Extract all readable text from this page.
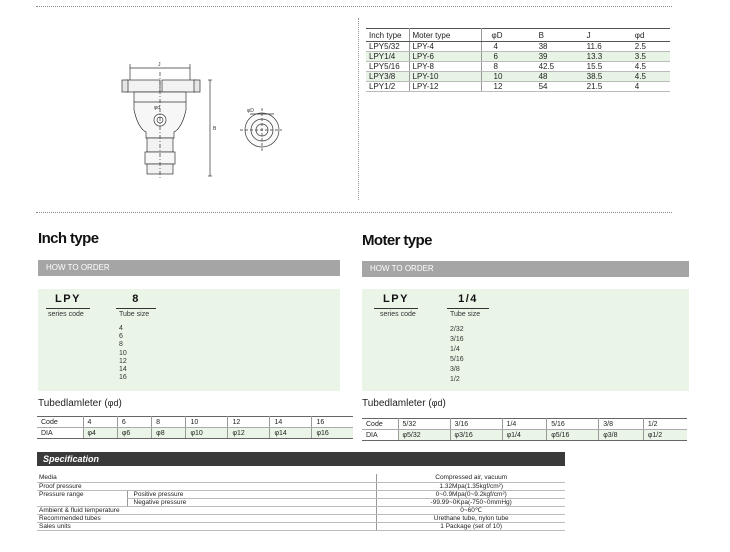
J
φd
B
φD
Inch type	Moter type	φD	B	J	φd
LPY5/32	LPY-4	4	38	11.6	2.5
LPY1/4	LPY-6	6	39	13.3	3.5
LPY5/16	LPY-8	8	42.5	15.5	4.5
LPY3/8	LPY-10	10	48	38.5	4.5
LPY1/2	LPY-12	12	54	21.5	4
Inch type
HOW TO ORDER
LPY
series code
8
Tube size
4
6
8
10
12
14
16
Tubedlamleter (φd)
Code	4	6	8	10	12	14	16
DIA	φ4	φ6	φ8	φ10	φ12	φ14	φ16
Moter type
HOW TO ORDER
LPY
series code
1/4
Tube size
2/32
3/16
1/4
5/16
3/8
1/2
Tubedlamleter (φd)
Code	5/32	3/16	1/4	5/16	3/8	1/2
DIA	φ5/32	φ3/16	φ1/4	φ5/16	φ3/8	φ1/2
Specification
Media		Compressed air, vacuum
Proof pressure		1.32Mpa(1.35kgf/cm²)
Pressure range	Positive pressure	0~0.9Mpa(0~9.2kgf/cm²)
	Negative pressure	-99.99~0Kpa(-750~0mmHg)
Ambient & fluid temperature		0~60℃
Recommended tubes		Urethane tube, nylon tube
Sales units		1 Package (set of 10)
